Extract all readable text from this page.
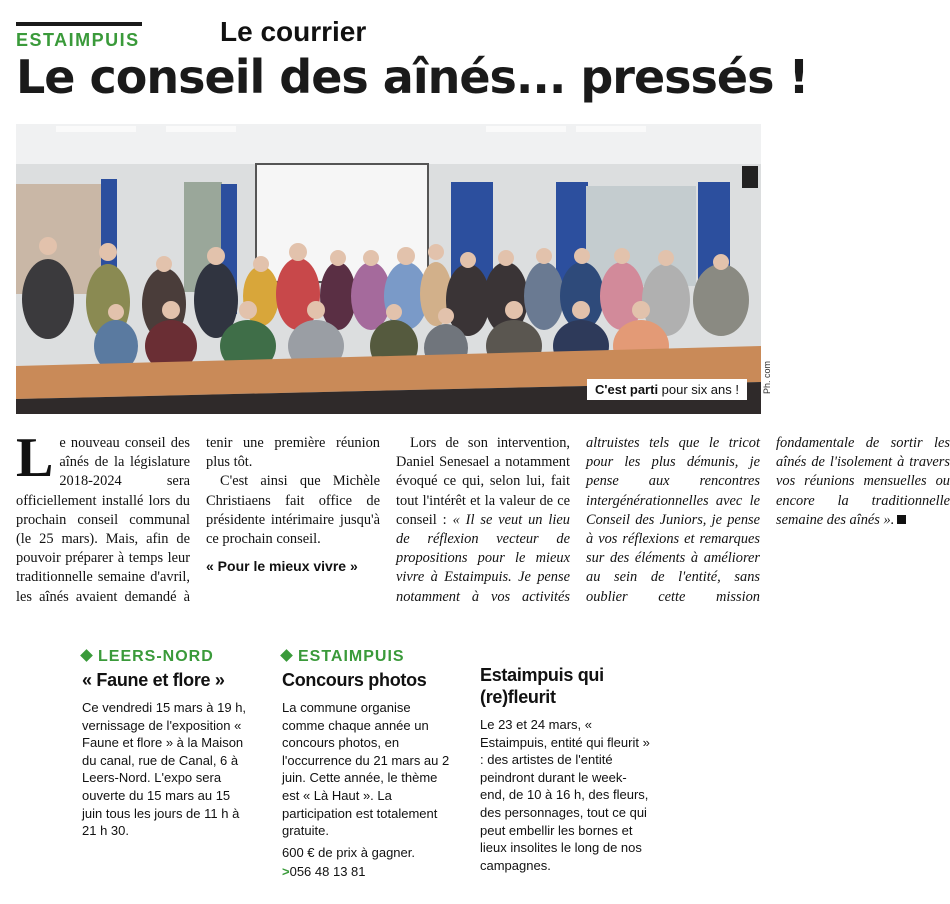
ESTAIMPUIS	Le courrier
Le conseil des aînés... pressés !
C'est parti pour six ans !	Ph. com

Le nouveau conseil des aînés de la législature 2018-2024 sera officiellement installé lors du prochain conseil communal (le 25 mars). Mais, afin de pouvoir préparer à temps leur traditionnelle semaine d'avril, les aînés avaient demandé à tenir une première réunion plus tôt.

C'est ainsi que Michèle Christiaens fait office de présidente intérimaire jusqu'à ce prochain conseil.

« Pour le mieux vivre »

Lors de son intervention, Daniel Senesael a notamment évoqué ce qui, selon lui, fait tout l'intérêt et la valeur de ce conseil : « Il se veut un lieu de réflexion vecteur de propositions pour le mieux vivre à Estaimpuis. Je pense notamment à vos activités altruistes tels que le tricot pour les plus démunis, je pense aux rencontres intergénérationnelles avec le Conseil des Juniors, je pense à vos réflexions et remarques sur des éléments à améliorer au sein de l'entité, sans oublier cette mission fondamentale de sortir les aînés de l'isolement à travers vos réunions mensuelles ou encore la traditionnelle semaine des aînés ».

LEERS-NORD
« Faune et flore »
Ce vendredi 15 mars à 19 h, vernissage de l'exposition « Faune et flore » à la Maison du canal, rue de Canal, 6 à Leers-Nord. L'expo sera ouverte du 15 mars au 15 juin tous les jours de 11 h à 21 h 30.
ESTAIMPUIS
Concours photos
La commune organise comme chaque année un concours photos, en l'occurrence du 21 mars au 2 juin. Cette année, le thème est « Là Haut ». La participation est totalement gratuite.
600 € de prix à gagner.
>056 48 13 81
Estaimpuis qui (re)fleurit
Le 23 et 24 mars, « Estaimpuis, entité qui fleurit » : des artistes de l'entité peindront durant le week-end, de 10 à 16 h, des fleurs, des personnages, tout ce qui peut embellir les bornes et lieux insolites le long de nos campagnes.
